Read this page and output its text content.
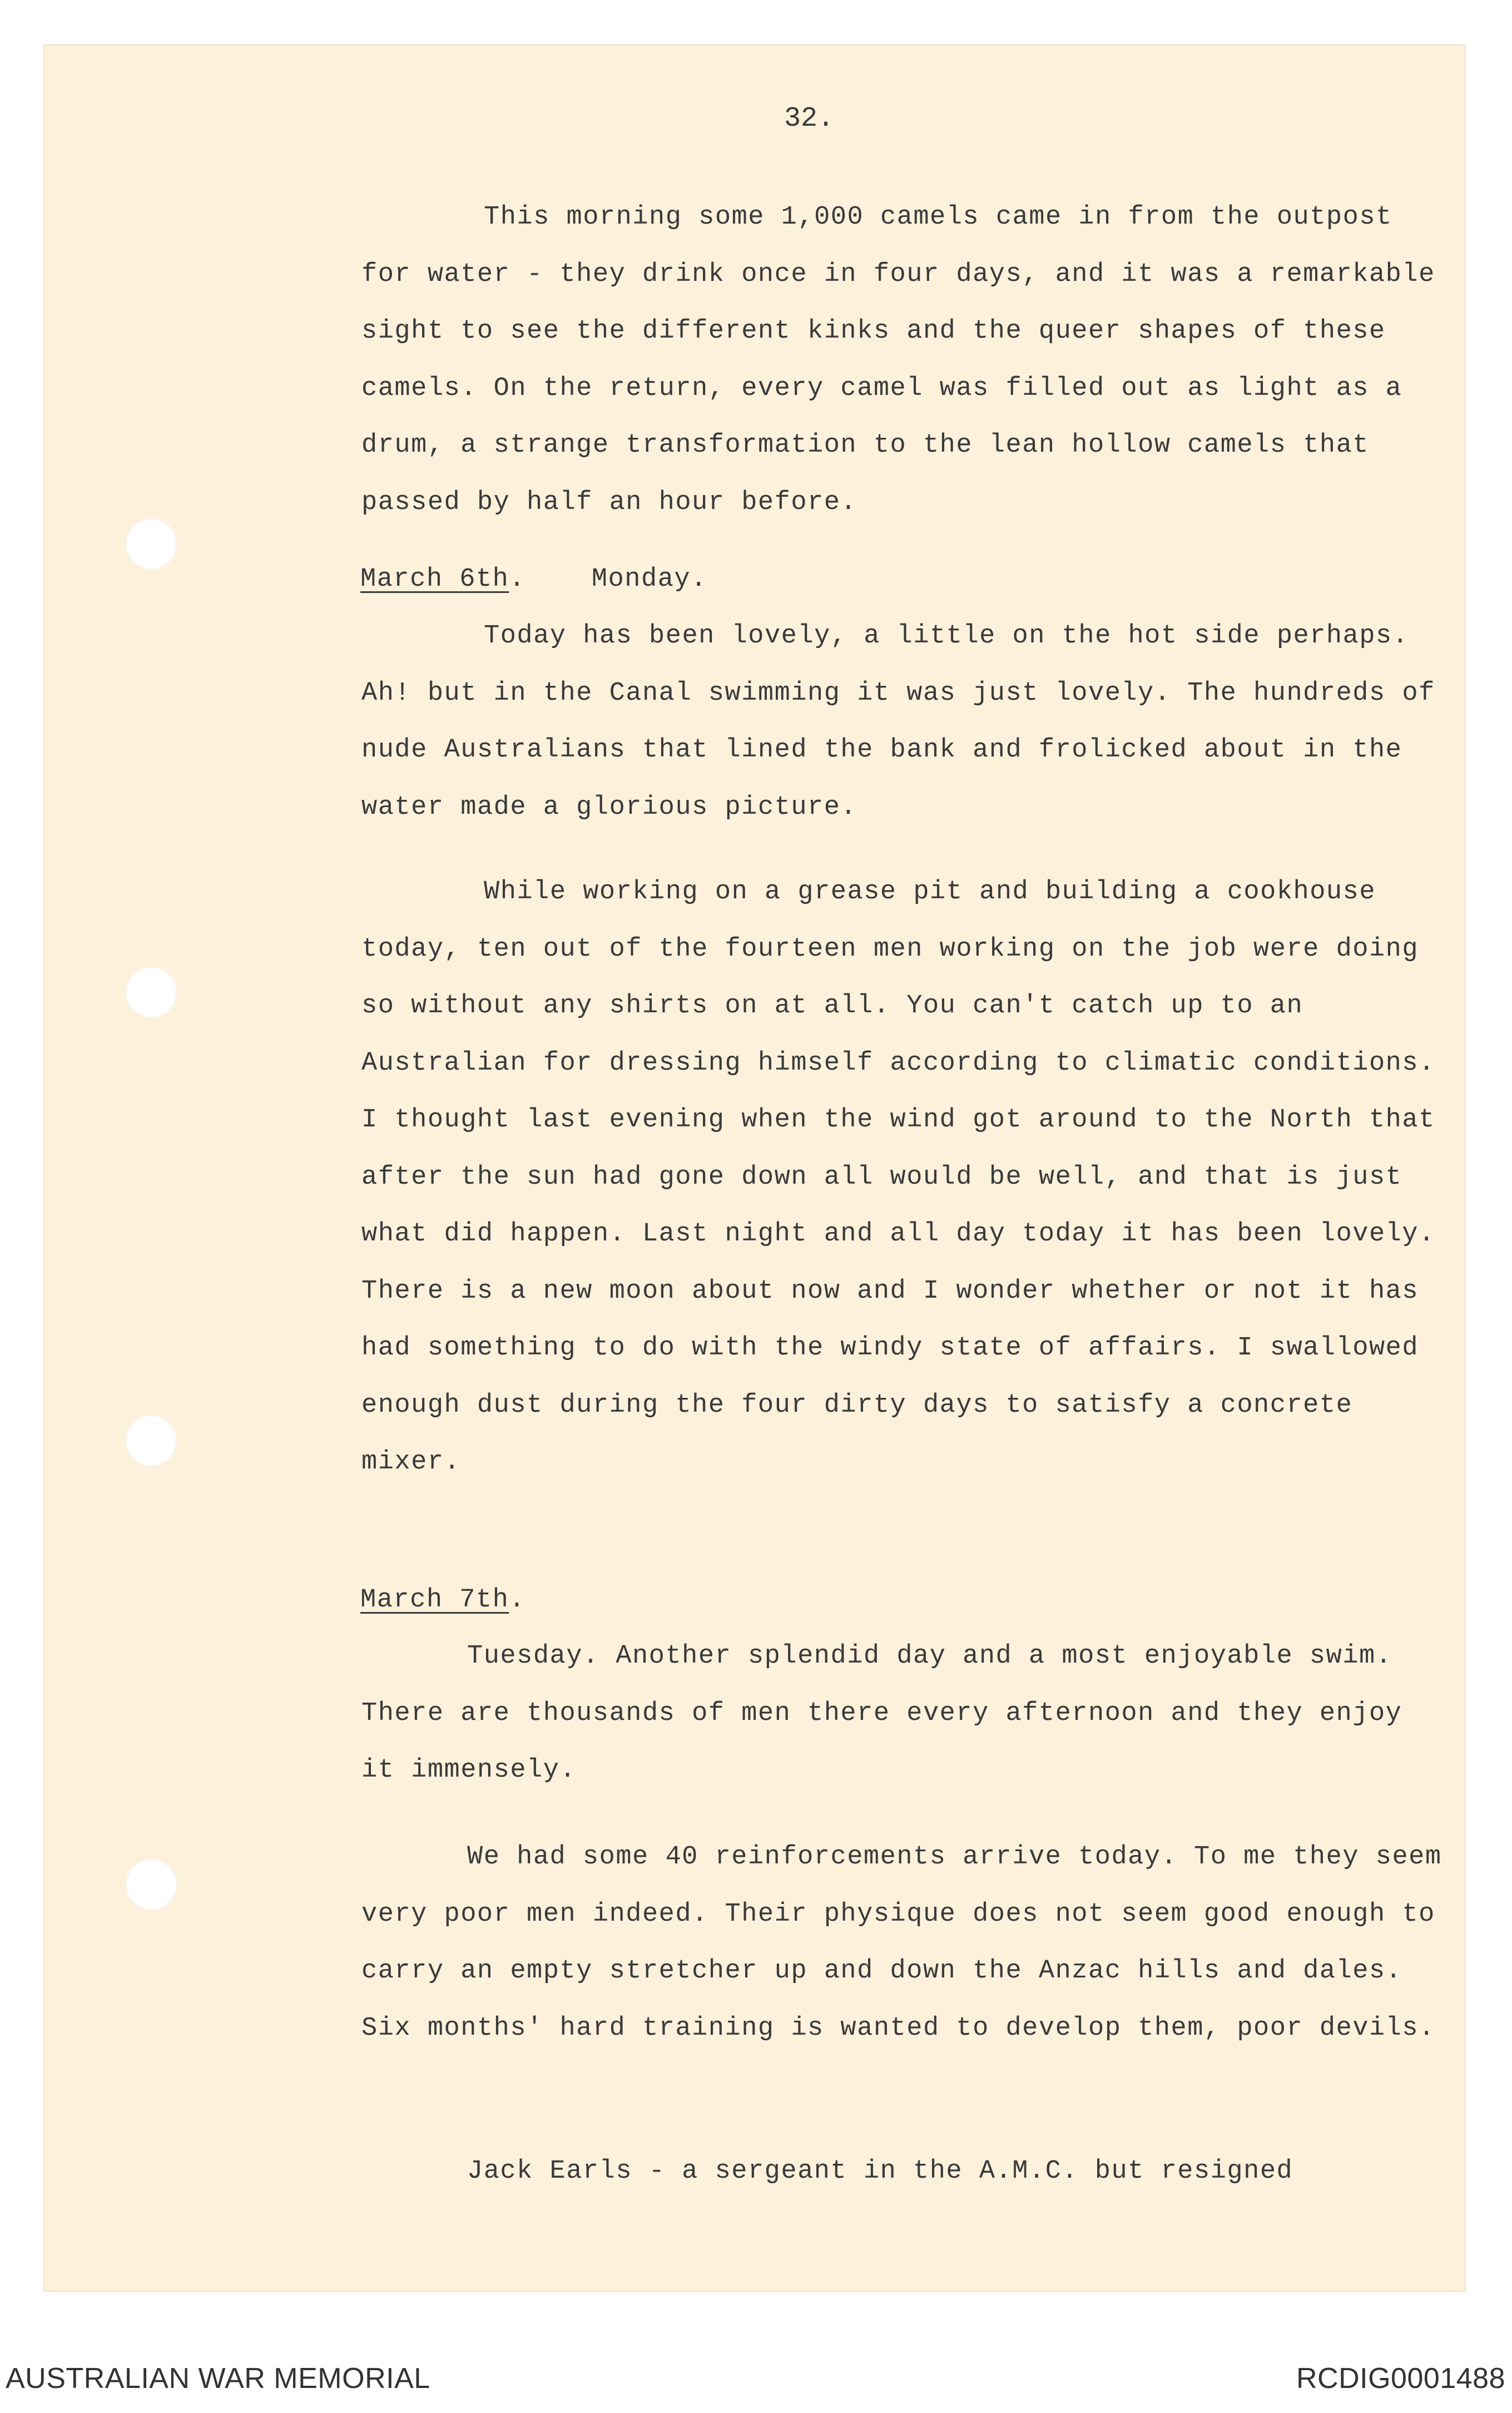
32.

This morning some 1,000 camels came in from the outpost for water - they drink once in four days, and it was a remarkable sight to see the different kinks and the queer shapes of these camels. On the return, every camel was filled out as light as a drum, a strange transformation to the lean hollow camels that passed by half an hour before.

March 6th.    Monday.

Today has been lovely, a little on the hot side perhaps. Ah! but in the Canal swimming it was just lovely. The hundreds of nude Australians that lined the bank and frolicked about in the water made a glorious picture.

While working on a grease pit and building a cookhouse today, ten out of the fourteen men working on the job were doing so without any shirts on at all. You can't catch up to an Australian for dressing himself according to climatic conditions. I thought last evening when the wind got around to the North that after the sun had gone down all would be well, and that is just what did happen. Last night and all day today it has been lovely. There is a new moon about now and I wonder whether or not it has had something to do with the windy state of affairs. I swallowed enough dust during the four dirty days to satisfy a concrete mixer.

March 7th.

Tuesday. Another splendid day and a most enjoyable swim. There are thousands of men there every afternoon and they enjoy it immensely.

We had some 40 reinforcements arrive today. To me they seem very poor men indeed. Their physique does not seem good enough to carry an empty stretcher up and down the Anzac hills and dales. Six months' hard training is wanted to develop them, poor devils.

Jack Earls - a sergeant in the A.M.C. but resigned

AUSTRALIAN WAR MEMORIAL	RCDIG0001488
